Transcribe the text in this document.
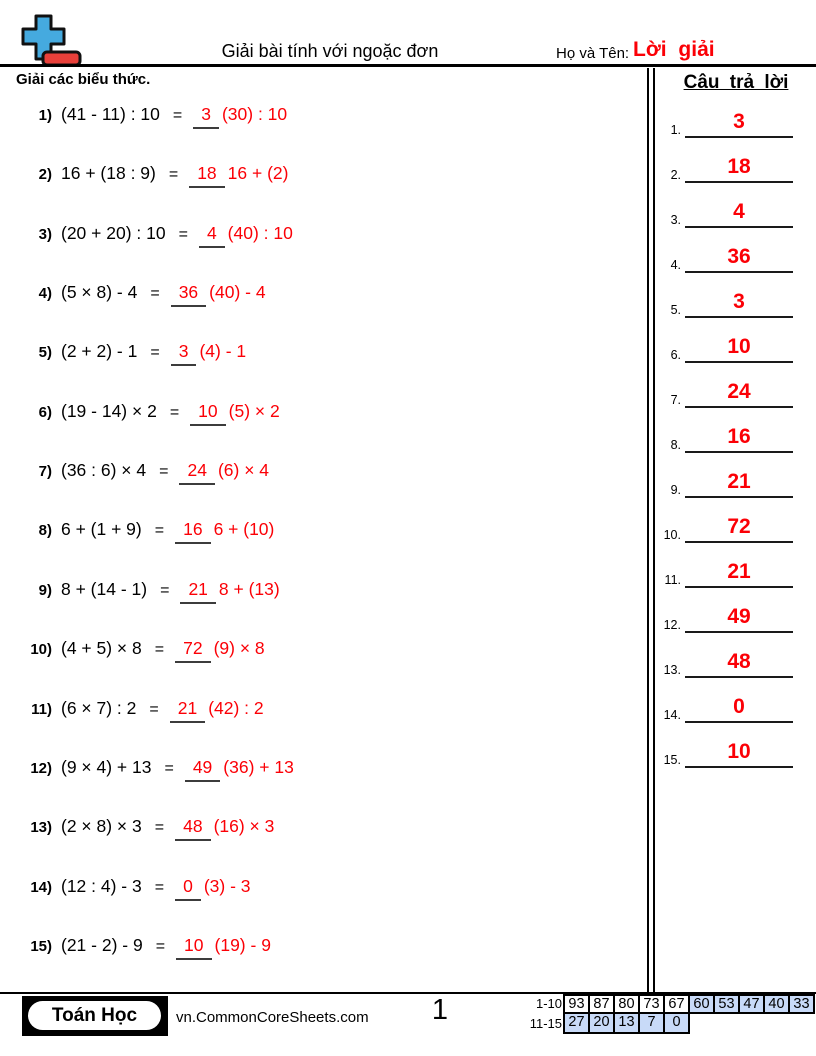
Giải bài tính với ngoặc đơn	Họ và Tên: Lời giải
Giải các biểu thức.
1) (41 - 11) : 10 =	3 (30) : 10
2) 16 + (18 : 9) =	18 16 + (2)
3) (20 + 20) : 10 =	4 (40) : 10
4) (5 × 8) - 4 =	36 (40) - 4
5) (2 + 2) - 1 =	3 (4) - 1
6) (19 - 14) × 2 =	10 (5) × 2
7) (36 : 6) × 4 =	24 (6) × 4
8) 6 + (1 + 9) =	16 6 + (10)
9) 8 + (14 - 1) =	21 8 + (13)
10) (4 + 5) × 8 =	72 (9) × 8
11) (6 × 7) : 2 =	21 (42) : 2
12) (9 × 4) + 13 =	49 (36) + 13
13) (2 × 8) × 3 =	48 (16) × 3
14) (12 : 4) - 3 =	0 (3) - 3
15) (21 - 2) - 9 =	10 (19) - 9
Câu trả lời
1.	3
2.	18
3.	4
4.	36
5.	3
6.	10
7.	24
8.	16
9.	21
10.	72
11.	21
12.	49
13.	48
14.	0
15.	10
Toán Học	vn.CommonCoreSheets.com	1	1-10 93 87 80 73 67 60 53 47 40 33
11-15 27 20 13 7	0
